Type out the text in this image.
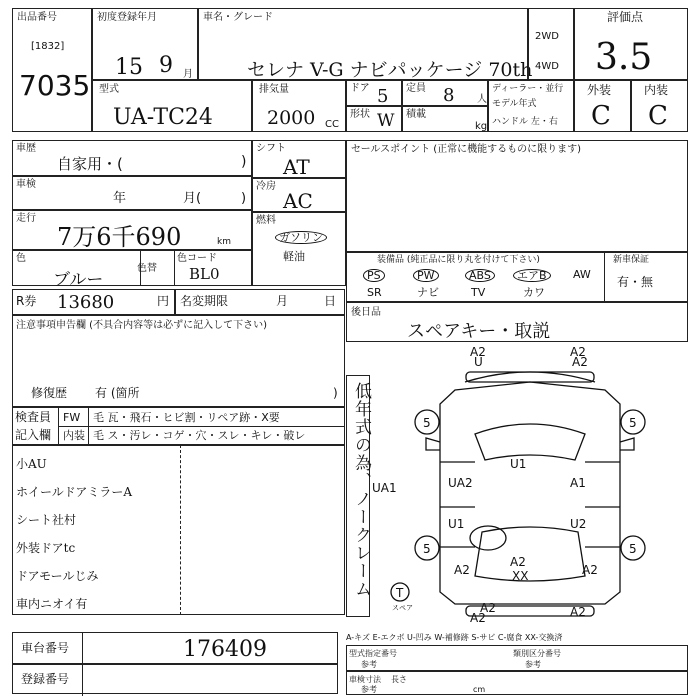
出品番号
[1832]
7035
初度登録年月
15 9 月
車名・グレード
セレナ V-G ナビパッケージ 70th
2WD
4WD
評価点
3.5
型式
UA-TC24
排気量
2000 CC
ドア 5 定員 8 人
形状 W 積載
kg
ディーラー・並行
モデル年式
ハンドル 左・右
外装
C
内装
C
車歴
自家用・(	)
車検
年	月(	)
走行
7万6千690	km
色
ブルー
色替
色コード
BL0
R券 13680	円 名変期限	月	日
注意事項申告欄 (不具合内容等は必ずに記入して下さい)
修復歴 有 (箇所	)
検査員
記入欄
FW 毛 瓦・飛石・ヒビ割・リペア跡・X要
内装 毛 ス・汚レ・コゲ・穴・スレ・キレ・破レ
小AU
ホイールドアミラーA
シート社村
外装ドアtc
ドアモールじみ
車内ニオイ有
シフト
AT
冷房
AC
燃料
ガソリン
軽油
セールスポイント (正常に機能するものに限ります)
装備品 (純正品に限り丸を付けて下さい)	新車保証
PS	PW	ABS	エアB	AW
SR	ナビ	TV	カワ
有・無
後日品
スペアキー・取説
低年式の為、ノークレーム
A2	A2
U	A2
5	5
5	5
U1
UA2
U1
A1
U2
UA1
A2	A2
A2
XX
A2
A2	A2
T
スペア
A-キズ E-エクボ U-凹み W-補修跡 S-サビ C-腐食 XX-交換済
車台番号	176409
登録番号
型式指定番号
参考
類別区分番号
参考
車検寸法
参考
長さ
cm
